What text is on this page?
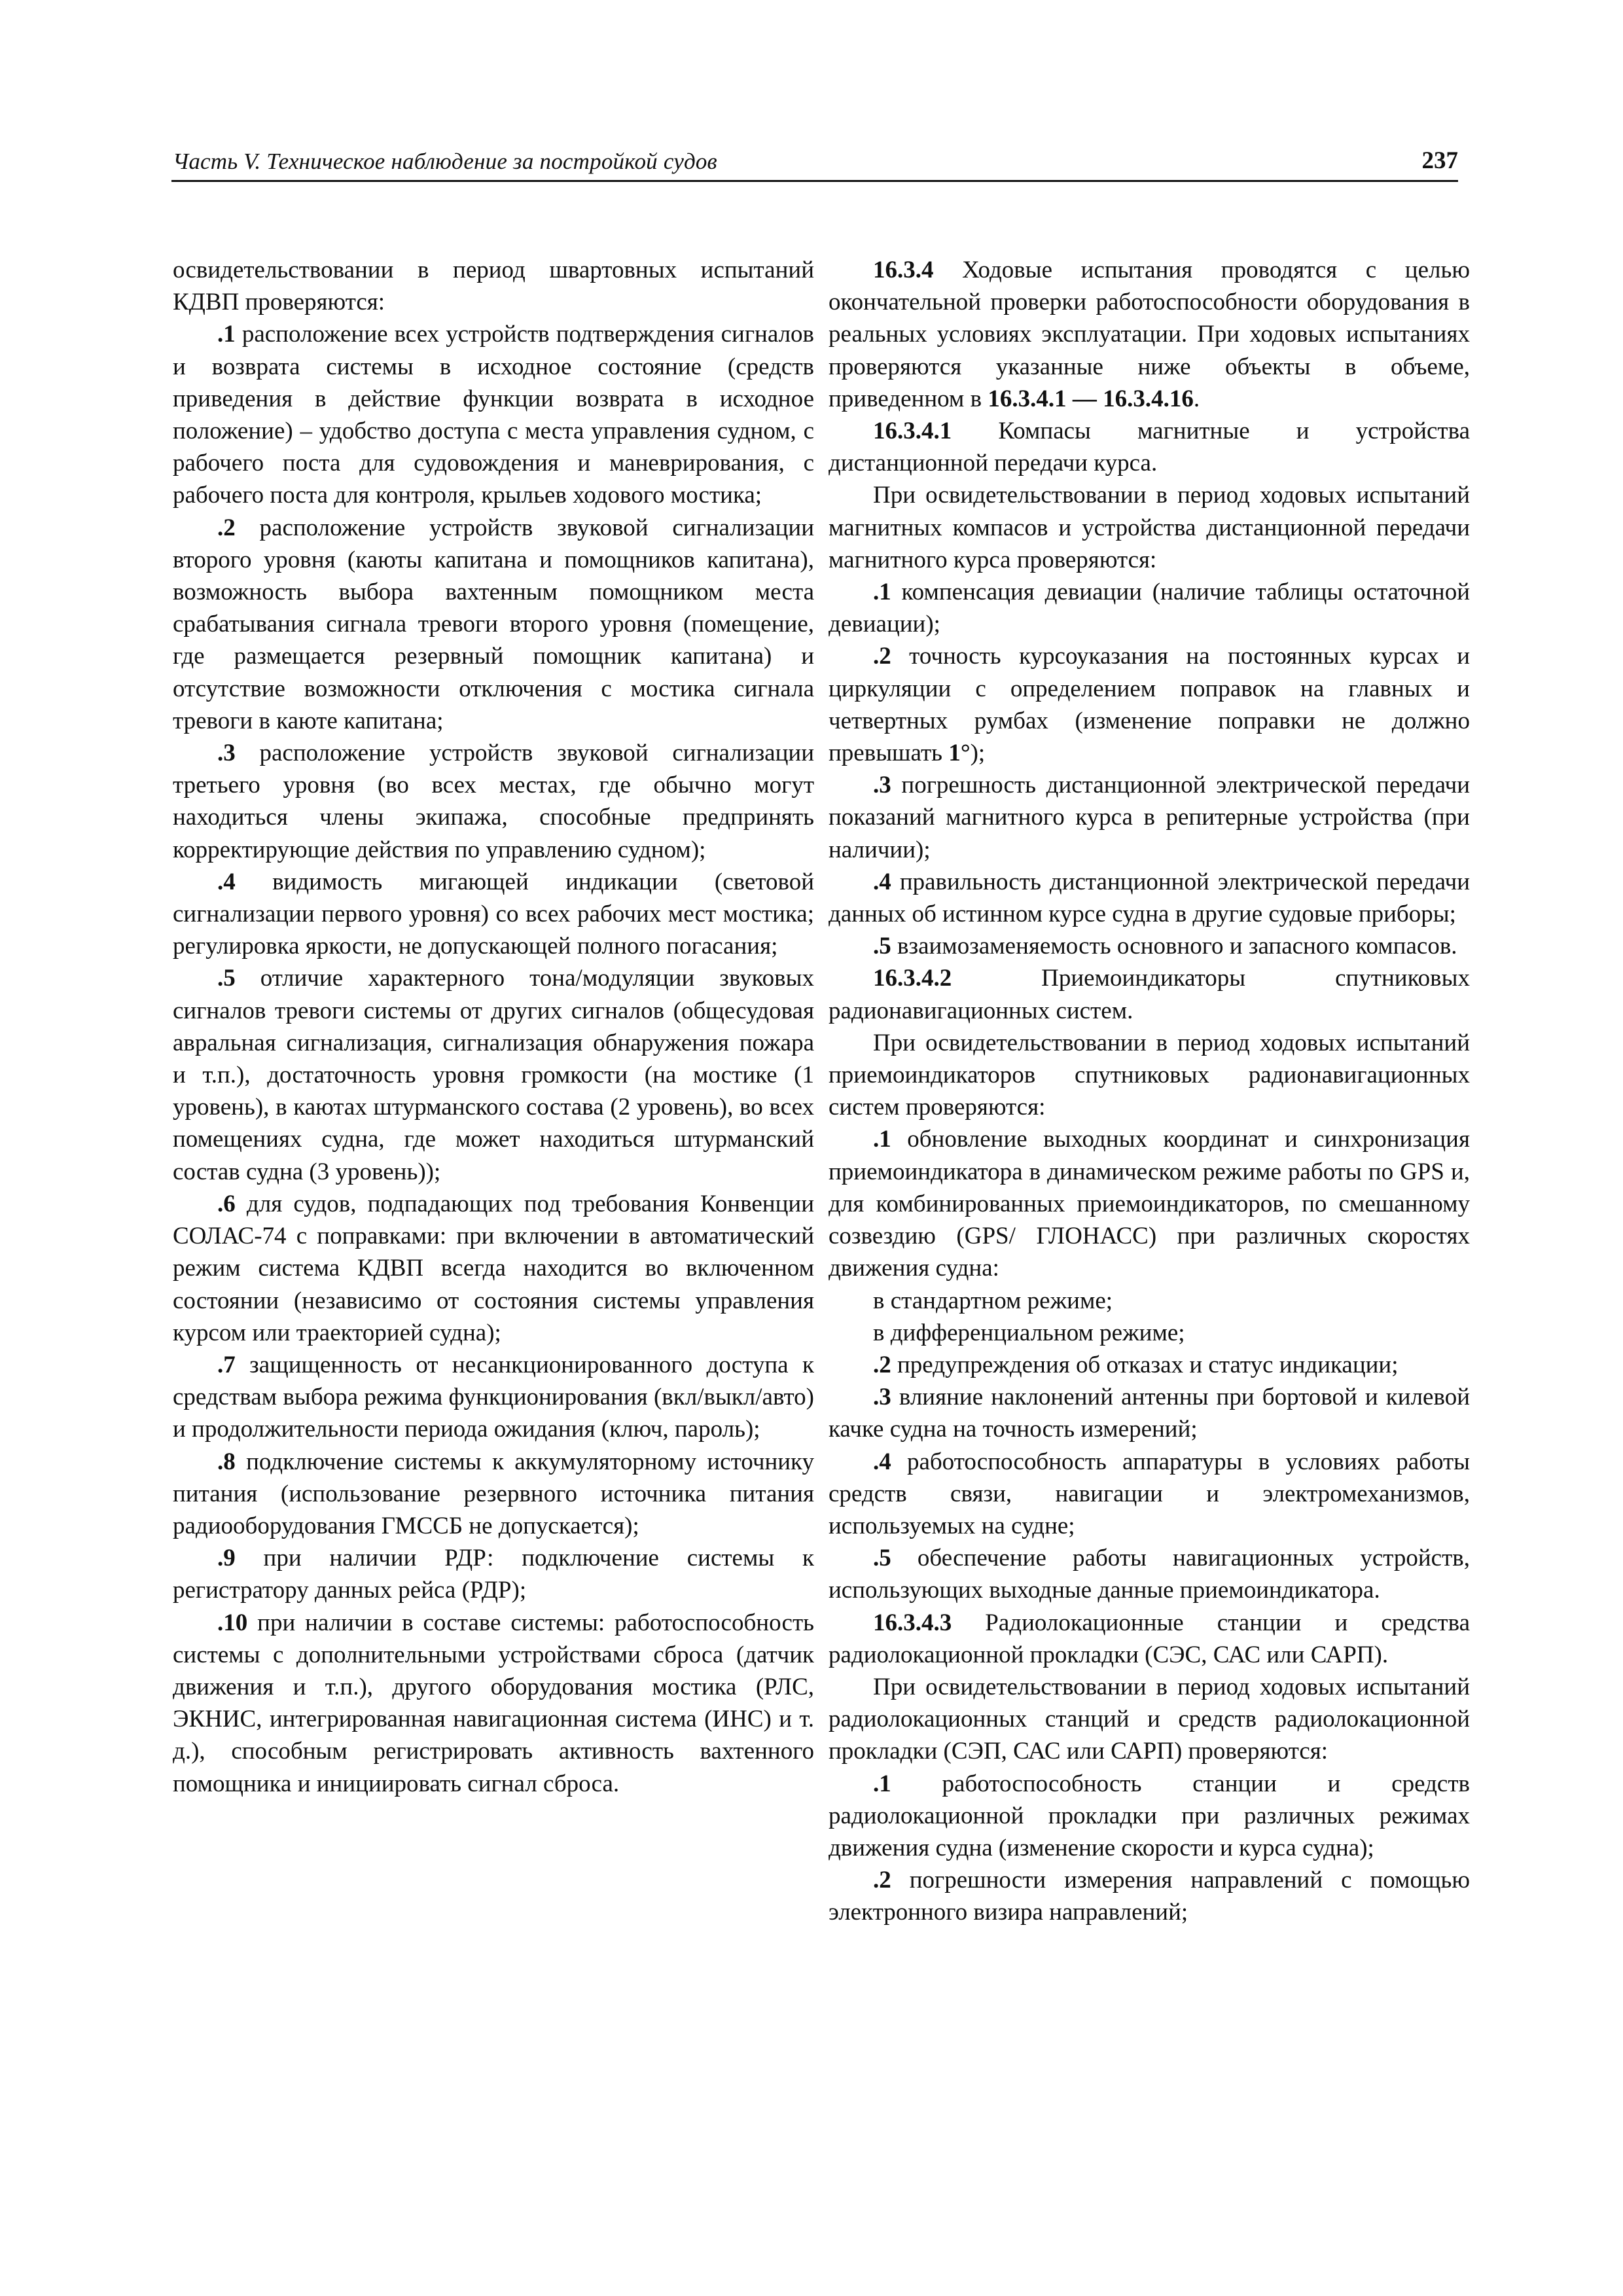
Часть V. Техническое наблюдение за постройкой судов	237

освидетельствовании в период швартовных испытаний КДВП проверяются:

.1 расположение всех устройств подтверждения сигналов и возврата системы в исходное состояние (средств приведения в действие функции возврата в исходное положение) – удобство доступа с места управления судном, с рабочего поста для судовождения и маневрирования, с рабочего поста для контроля, крыльев ходового мостика;

.2 расположение устройств звуковой сигнализации второго уровня (каюты капитана и помощников капитана), возможность выбора вахтенным помощником места срабатывания сигнала тревоги второго уровня (помещение, где размещается резервный помощник капитана) и отсутствие возможности отключения с мостика сигнала тревоги в каюте капитана;

.3 расположение устройств звуковой сигнализации третьего уровня (во всех местах, где обычно могут находиться члены экипажа, способные предпринять корректирующие действия по управлению судном);

.4 видимость мигающей индикации (световой сигнализации первого уровня) со всех рабочих мест мостика; регулировка яркости, не допускающей полного погасания;

.5 отличие характерного тона/модуляции звуковых сигналов тревоги системы от других сигналов (общесудовая авральная сигнализация, сигнализация обнаружения пожара и т.п.), достаточность уровня громкости (на мостике (1 уровень), в каютах штурманского состава (2 уровень), во всех помещениях судна, где может находиться штурманский состав судна (3 уровень));

.6 для судов, подпадающих под требования Конвенции СОЛАС-74 с поправками: при включении в автоматический режим система КДВП всегда находится во включенном состоянии (независимо от состояния системы управления курсом или траекторией судна);

.7 защищенность от несанкционированного доступа к средствам выбора режима функционирования (вкл/выкл/авто) и продолжительности периода ожидания (ключ, пароль);

.8 подключение системы к аккумуляторному источнику питания (использование резервного источника питания радиооборудования ГМССБ не допускается);

.9 при наличии РДР: подключение системы к регистратору данных рейса (РДР);

.10 при наличии в составе системы: работоспособность системы с дополнительными устройствами сброса (датчик движения и т.п.), другого оборудования мостика (РЛС, ЭКНИС, интегрированная навигационная система (ИНС) и т. д.), способным регистрировать активность вахтенного помощника и инициировать сигнал сброса.

16.3.4 Ходовые испытания проводятся с целью окончательной проверки работоспособности оборудования в реальных условиях эксплуатации. При ходовых испытаниях проверяются указанные ниже объекты в объеме, приведенном в 16.3.4.1 — 16.3.4.16.

16.3.4.1 Компасы магнитные и устройства дистанционной передачи курса.

При освидетельствовании в период ходовых испытаний магнитных компасов и устройства дистанционной передачи магнитного курса проверяются:

.1 компенсация девиации (наличие таблицы остаточной девиации);

.2 точность курсоуказания на постоянных курсах и циркуляции с определением поправок на главных и четвертных румбах (изменение поправки не должно превышать 1°);

.3 погрешность дистанционной электрической передачи показаний магнитного курса в репитерные устройства (при наличии);

.4 правильность дистанционной электрической передачи данных об истинном курсе судна в другие судовые приборы;

.5 взаимозаменяемость основного и запасного компасов.

16.3.4.2	Приемоиндикаторы спутниковых радионавигационных систем.

При освидетельствовании в период ходовых испытаний приемоиндикаторов спутниковых радионавигационных систем проверяются:

.1 обновление выходных координат и синхронизация приемоиндикатора в динамическом режиме работы по GPS и, для комбинированных приемоиндикаторов, по смешанному созвездию (GPS/ ГЛОНАСС) при различных скоростях движения судна:

в стандартном режиме;

в дифференциальном режиме;

.2 предупреждения об отказах и статус индикации;

.3 влияние наклонений антенны при бортовой и килевой качке судна на точность измерений;

.4 работоспособность аппаратуры в условиях работы средств связи, навигации и электромеханизмов, используемых на судне;

.5 обеспечение работы навигационных устройств, использующих выходные данные приемоиндикатора.

16.3.4.3 Радиолокационные станции и средства радиолокационной прокладки (СЭС, САС или САРП).

При освидетельствовании в период ходовых испытаний радиолокационных станций и средств радиолокационной прокладки (СЭП, САС или САРП) проверяются:

.1 работоспособность станции и средств радиолокационной прокладки при различных режимах движения судна (изменение скорости и курса судна);

.2 погрешности измерения направлений с помощью электронного визира направлений;
